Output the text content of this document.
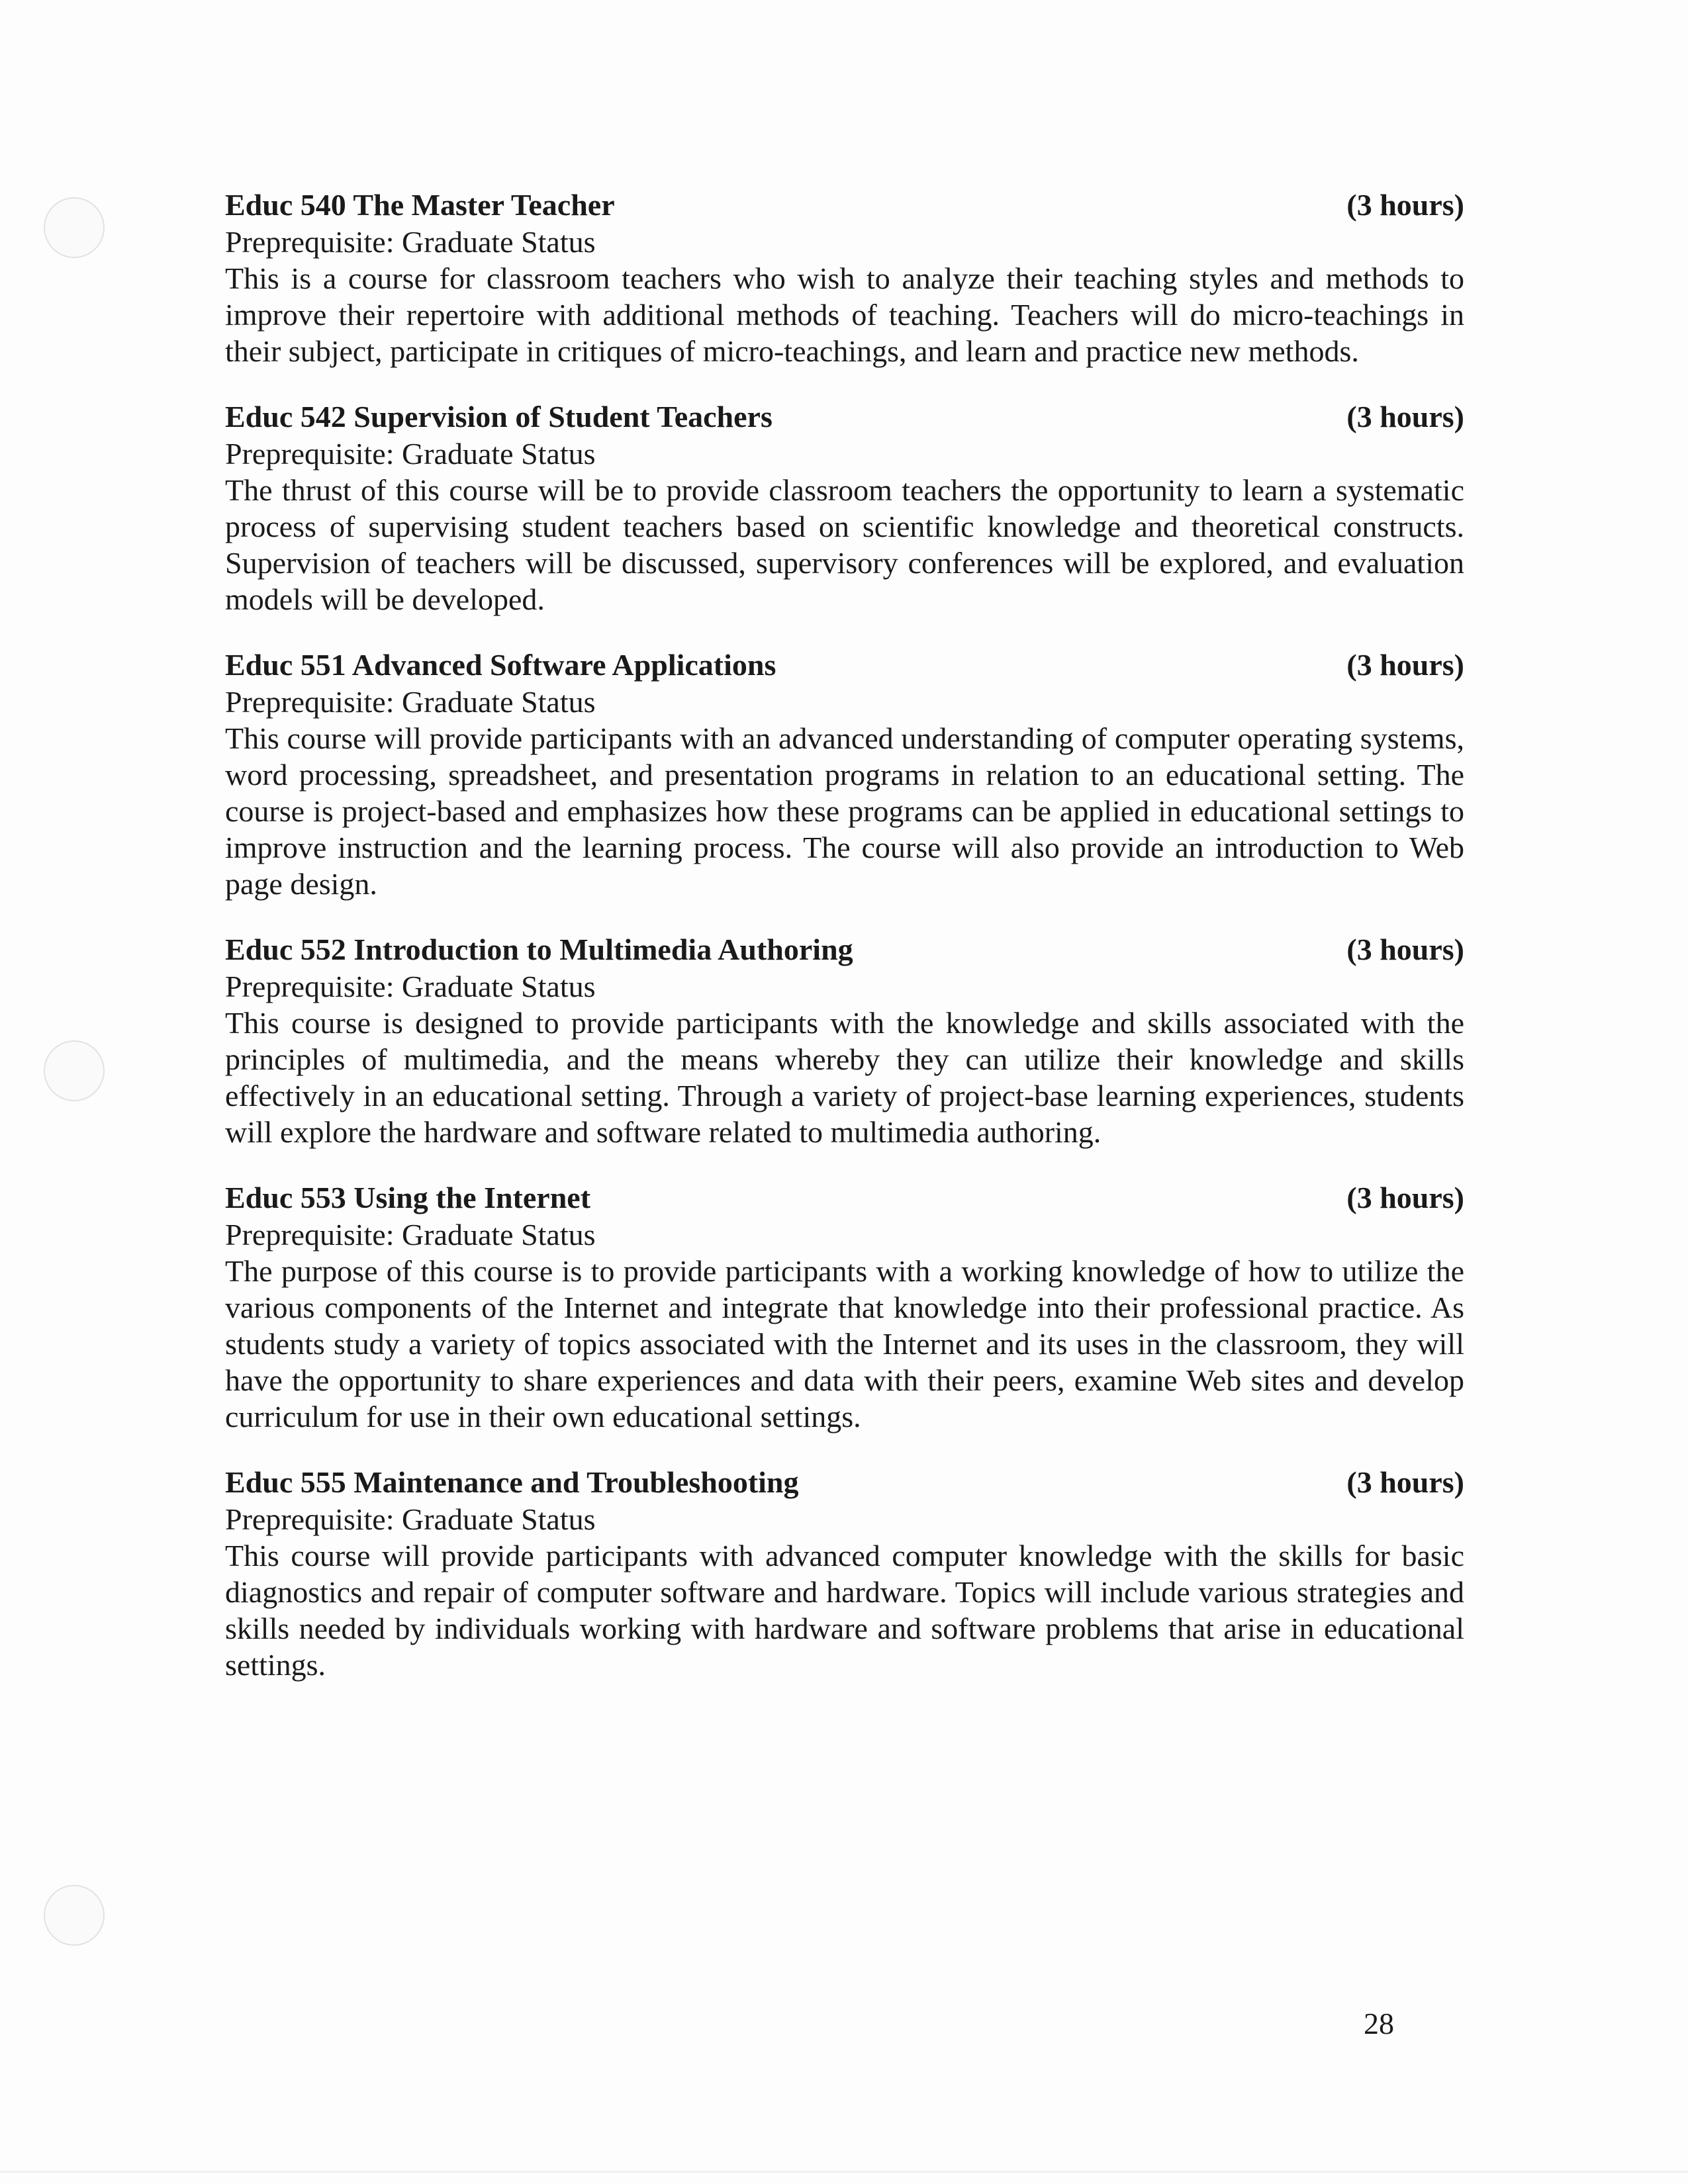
Educ 540 The Master Teacher	(3 hours)
Preprequisite: Graduate Status
This is a course for classroom teachers who wish to analyze their teaching styles and methods to improve their repertoire with additional methods of teaching. Teachers will do micro-teachings in their subject, participate in critiques of micro-teachings, and learn and practice new methods.
Educ 542 Supervision of Student Teachers	(3 hours)
Preprequisite: Graduate Status
The thrust of this course will be to provide classroom teachers the opportunity to learn a systematic process of supervising student teachers based on scientific knowledge and theoretical constructs. Supervision of teachers will be discussed, supervisory conferences will be explored, and evaluation models will be developed.
Educ 551 Advanced Software Applications	(3 hours)
Preprequisite: Graduate Status
This course will provide participants with an advanced understanding of computer operating systems, word processing, spreadsheet, and presentation programs in relation to an educational setting. The course is project-based and emphasizes how these programs can be applied in educational settings to improve instruction and the learning process. The course will also provide an introduction to Web page design.
Educ 552 Introduction to Multimedia Authoring	(3 hours)
Preprequisite: Graduate Status
This course is designed to provide participants with the knowledge and skills associated with the principles of multimedia, and the means whereby they can utilize their knowledge and skills effectively in an educational setting. Through a variety of project-base learning experiences, students will explore the hardware and software related to multimedia authoring.
Educ 553 Using the Internet	(3 hours)
Preprequisite: Graduate Status
The purpose of this course is to provide participants with a working knowledge of how to utilize the various components of the Internet and integrate that knowledge into their professional practice. As students study a variety of topics associated with the Internet and its uses in the classroom, they will have the opportunity to share experiences and data with their peers, examine Web sites and develop curriculum for use in their own educational settings.
Educ 555 Maintenance and Troubleshooting	(3 hours)
Preprequisite: Graduate Status
This course will provide participants with advanced computer knowledge with the skills for basic diagnostics and repair of computer software and hardware. Topics will include various strategies and skills needed by individuals working with hardware and software problems that arise in educational settings.
28
